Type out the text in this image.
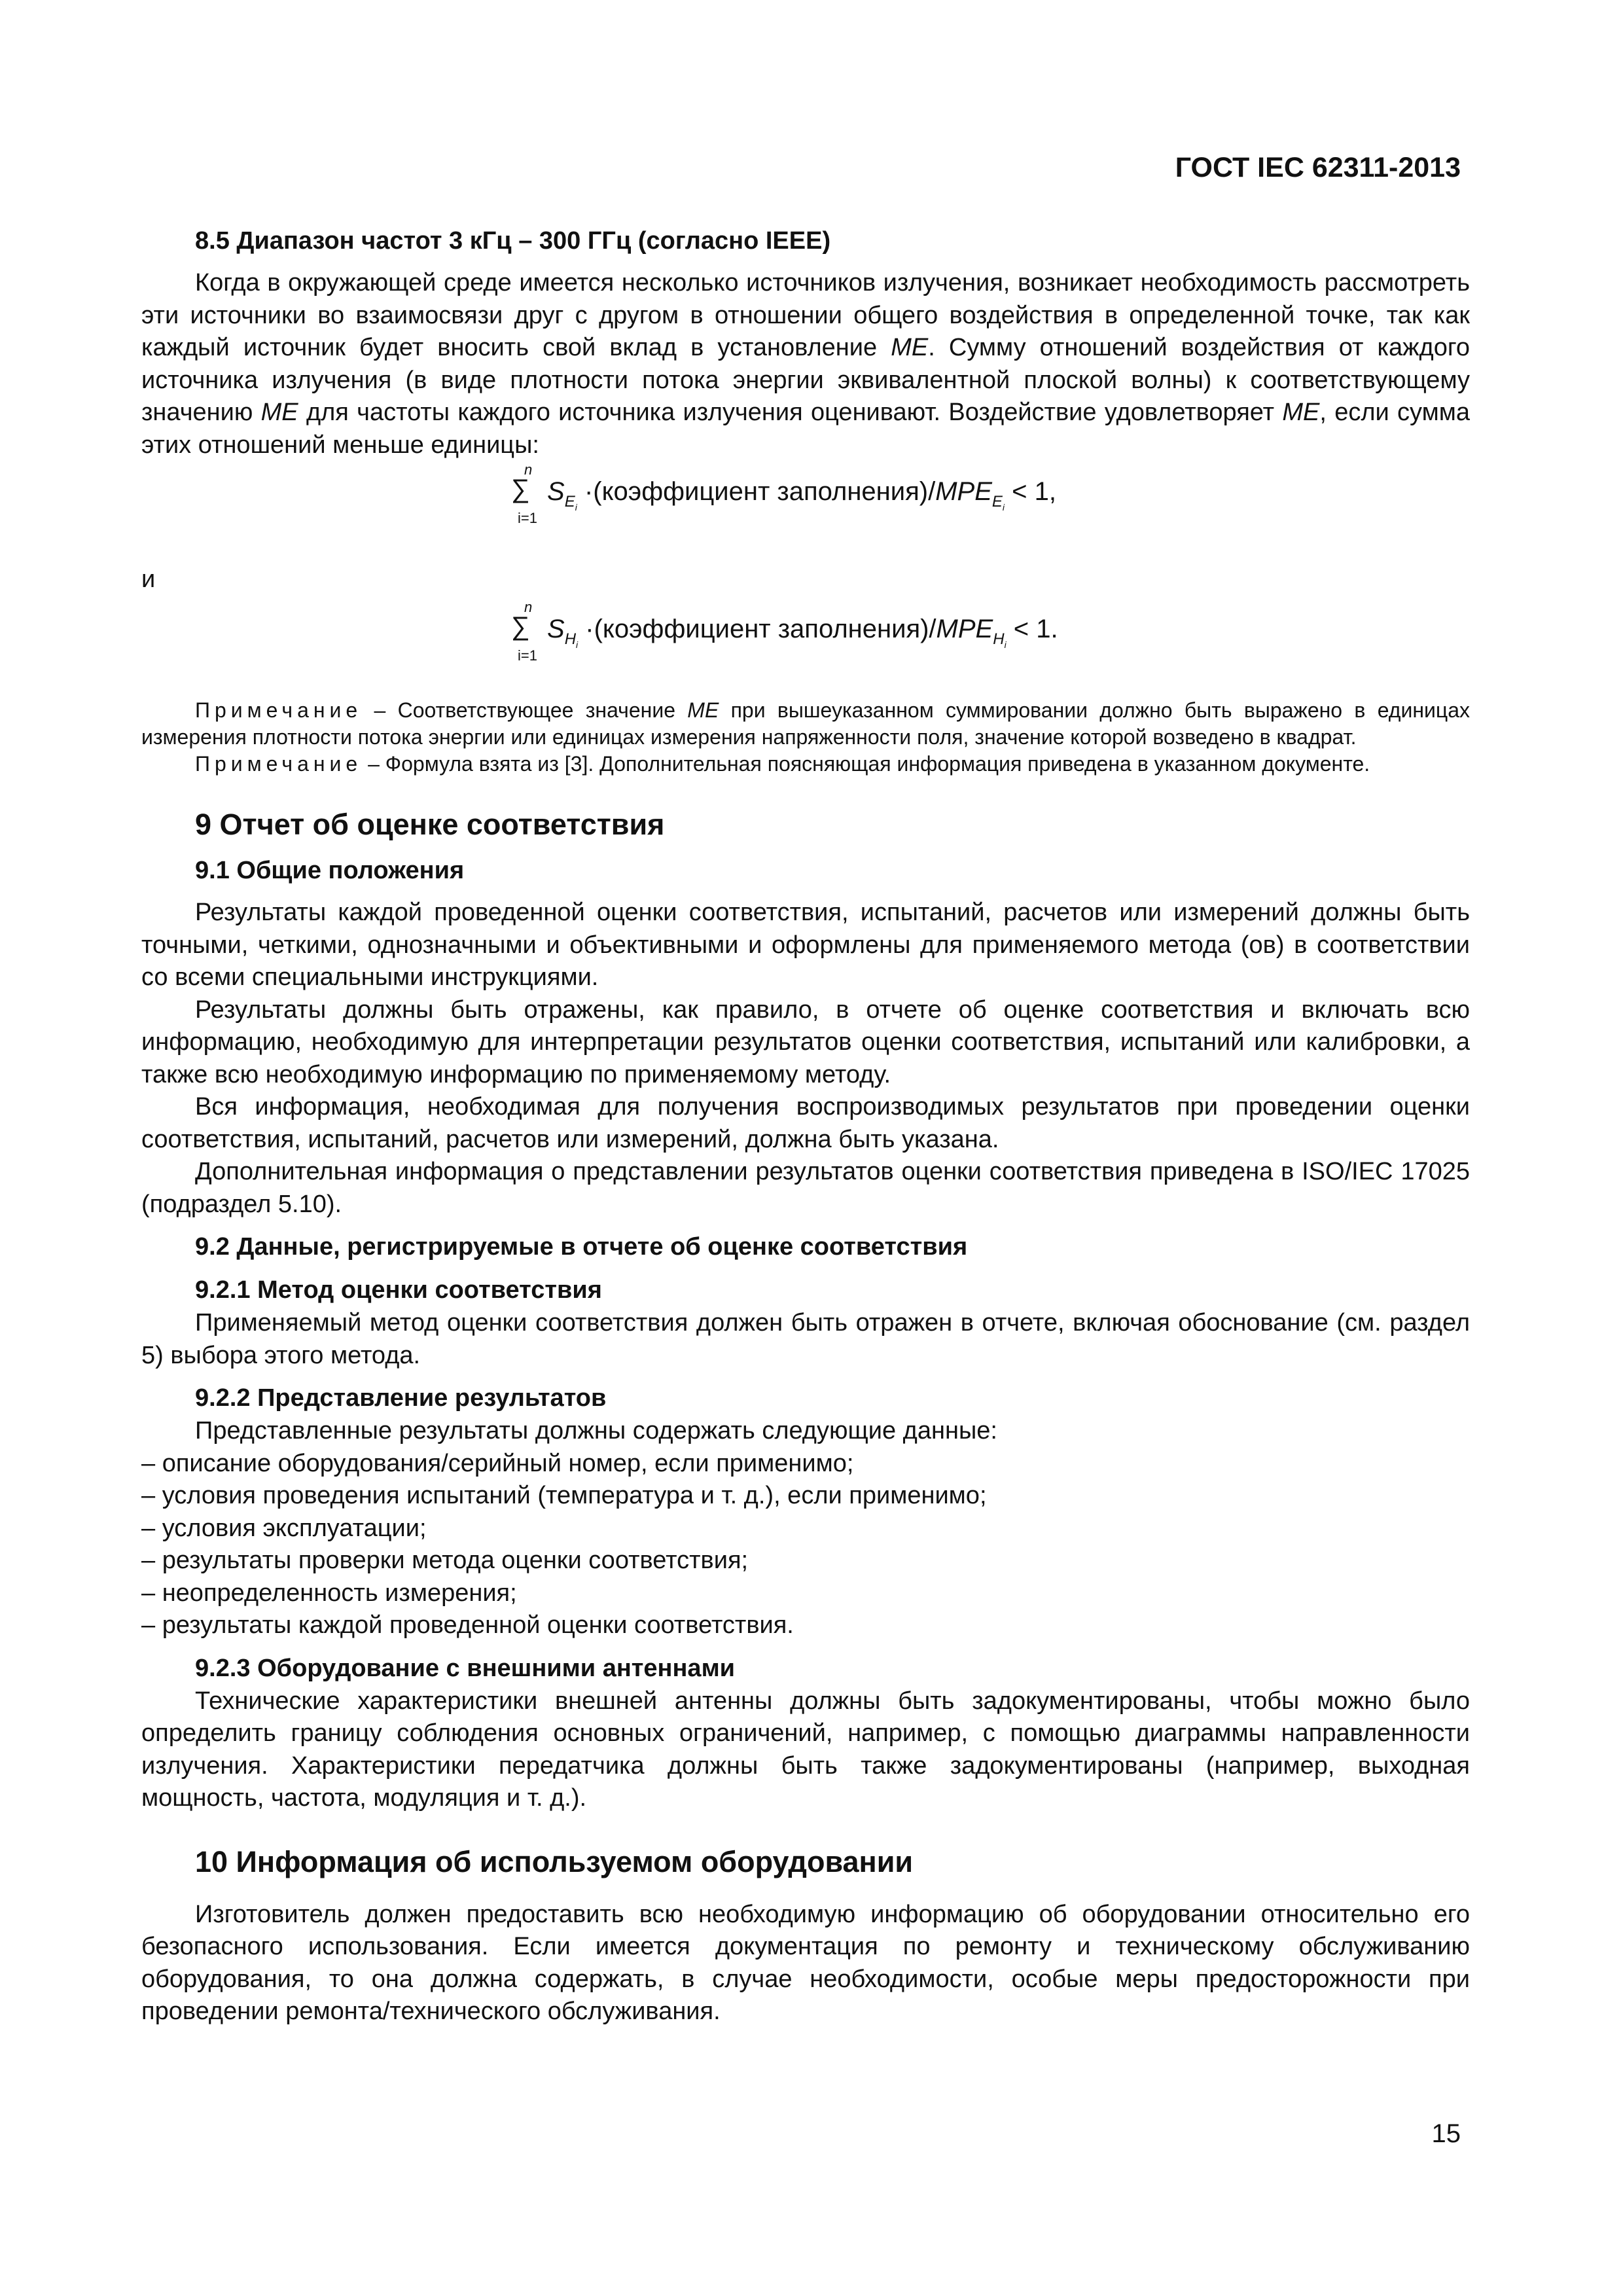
ГОСТ IEC 62311-2013

8.5 Диапазон частот 3 кГц – 300 ГГц (согласно IEEE)

Когда в окружающей среде имеется несколько источников излучения, возникает необходимость рассмотреть эти источники во взаимосвязи друг с другом в отношении общего воздействия в определенной точке, так как каждый источник будет вносить свой вклад в установление МЕ. Сумму отношений воздействия от каждого источника излучения (в виде плотности потока энергии эквивалентной плоской волны) к соответствующему значению МЕ для частоты каждого источника излучения оценивают. Воздействие удовлетворяет МЕ, если сумма этих отношений меньше единицы:

n
∑
i=1
$S_{Ei}$ ·(коэффициент $заполнения)/MPE_{Ei} < 1$,

и

n
∑
i=1
$S_{Hi}$ ·(коэффициент $заполнения)/MPE_{Hi} < 1$.

Примечание – Соответствующее значение МЕ при вышеуказанном суммировании должно быть выражено в единицах измерения плотности потока энергии или единицах измерения напряженности поля, значение которой возведено в квадрат.

Примечание – Формула взята из [3]. Дополнительная поясняющая информация приведена в указанном документе.

9 Отчет об оценке соответствия

9.1 Общие положения

Результаты каждой проведенной оценки соответствия, испытаний, расчетов или измерений должны быть точными, четкими, однозначными и объективными и оформлены для применяемого метода (ов) в соответствии со всеми специальными инструкциями.

Результаты должны быть отражены, как правило, в отчете об оценке соответствия и включать всю информацию, необходимую для интерпретации результатов оценки соответствия, испытаний или калибровки, а также всю необходимую информацию по применяемому методу.

Вся информация, необходимая для получения воспроизводимых результатов при проведении оценки соответствия, испытаний, расчетов или измерений, должна быть указана.

Дополнительная информация о представлении результатов оценки соответствия приведена в ISO/IEC 17025 (подраздел 5.10).

9.2 Данные, регистрируемые в отчете об оценке соответствия

9.2.1 Метод оценки соответствия

Применяемый метод оценки соответствия должен быть отражен в отчете, включая обоснование (см. раздел 5) выбора этого метода.

9.2.2 Представление результатов

Представленные результаты должны содержать следующие данные:

– описание оборудования/серийный номер, если применимо;

– условия проведения испытаний (температура и т. д.), если применимо;

– условия эксплуатации;

– результаты проверки метода оценки соответствия;

– неопределенность измерения;

– результаты каждой проведенной оценки соответствия.

9.2.3 Оборудование с внешними антеннами

Технические характеристики внешней антенны должны быть задокументированы, чтобы можно было определить границу соблюдения основных ограничений, например, с помощью диаграммы направленности излучения. Характеристики передатчика должны быть также задокументированы (например, выходная мощность, частота, модуляция и т. д.).

10 Информация об используемом оборудовании

Изготовитель должен предоставить всю необходимую информацию об оборудовании относительно его безопасного использования. Если имеется документация по ремонту и техническому обслуживанию оборудования, то она должна содержать, в случае необходимости, особые меры предосторожности при проведении ремонта/технического обслуживания.

15
